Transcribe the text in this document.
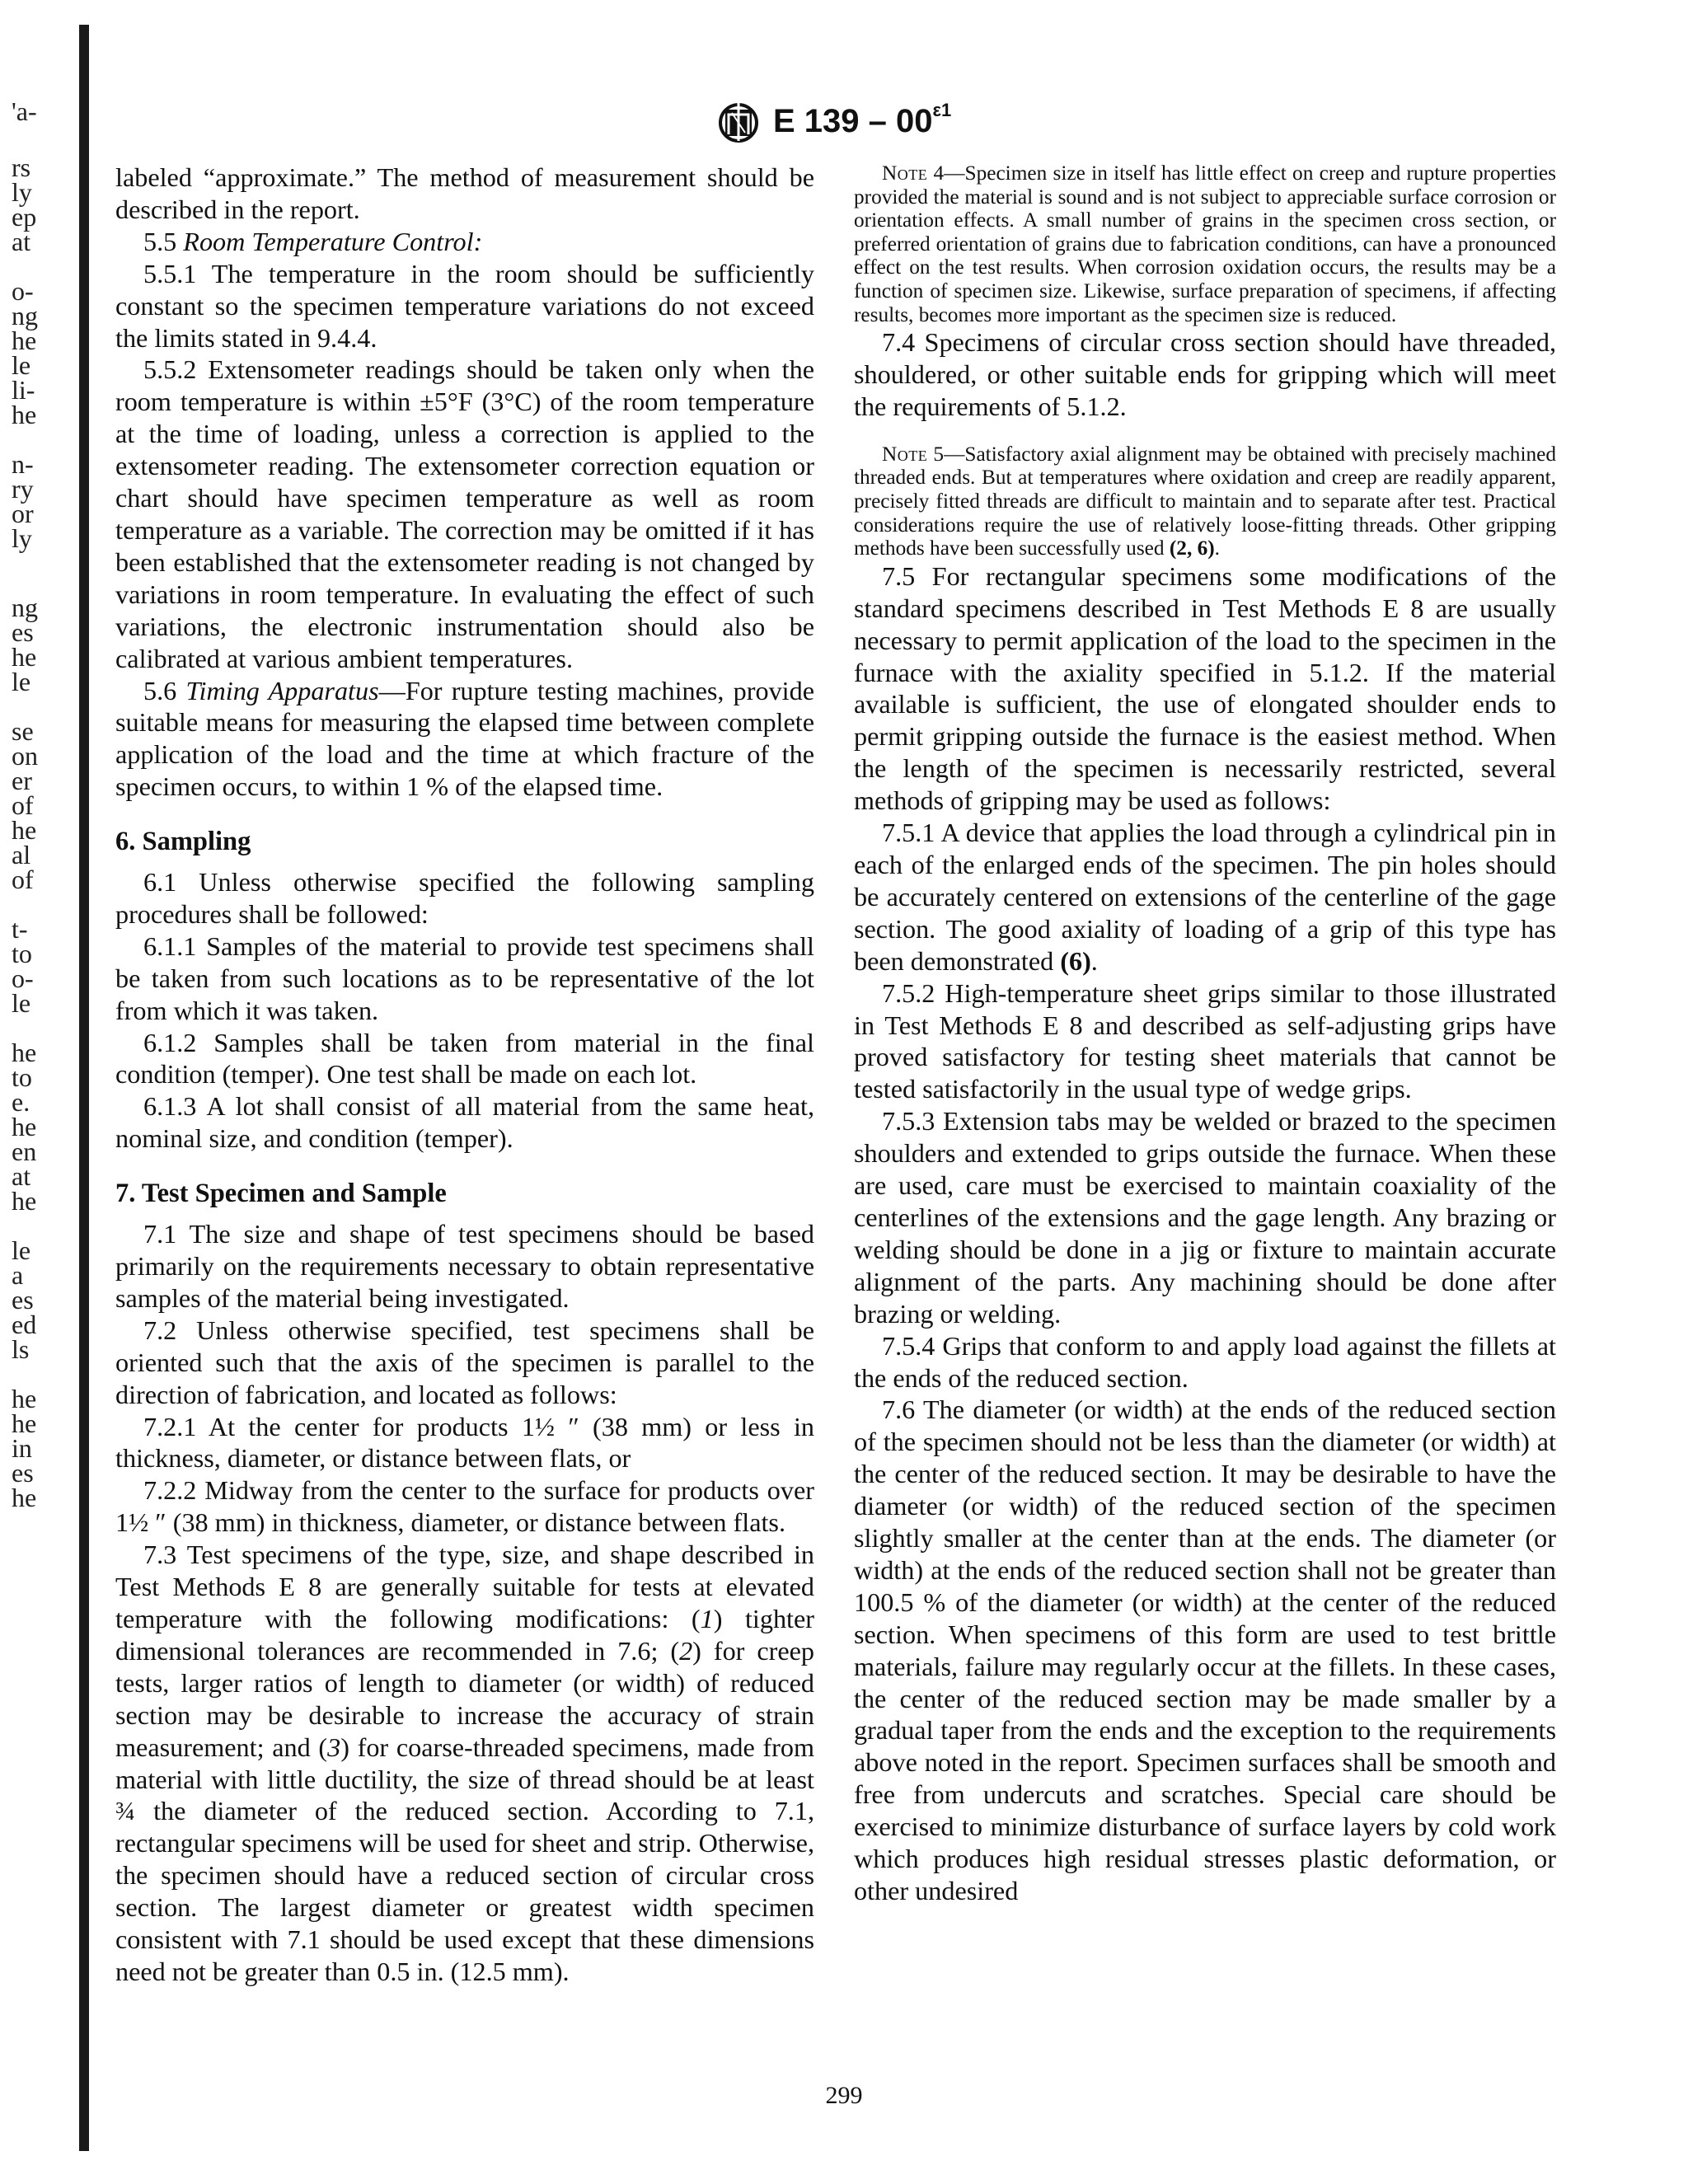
'a-
rs
ly
ep
at
o-
ng
he
le
li-
he
n-
ry
or
ly
ng
es
he
le
se
on
er
of
he
al
of
t-
to
o-
le
he
to
e.
he
en
at
he
le
a
es
ed
ls
he
he
in
es
he
E $139 - 00^{\varepsilon 1}$

labeled “approximate.” The method of measurement should be described in the report.

5.5 Room Temperature Control:

5.5.1 The temperature in the room should be sufficiently constant so the specimen temperature variations do not exceed the limits stated in 9.4.4.

5.5.2 Extensometer readings should be taken only when the room temperature is within ±5°F (3°C) of the room temperature at the time of loading, unless a correction is applied to the extensometer reading. The extensometer correction equation or chart should have specimen temperature as well as room temperature as a variable. The correction may be omitted if it has been established that the extensometer reading is not changed by variations in room temperature. In evaluating the effect of such variations, the electronic instrumentation should also be calibrated at various ambient temperatures.

5.6 Timing Apparatus—For rupture testing machines, provide suitable means for measuring the elapsed time between complete application of the load and the time at which fracture of the specimen occurs, to within 1 % of the elapsed time.

6. Sampling

6.1 Unless otherwise specified the following sampling procedures shall be followed:

6.1.1 Samples of the material to provide test specimens shall be taken from such locations as to be representative of the lot from which it was taken.

6.1.2 Samples shall be taken from material in the final condition (temper). One test shall be made on each lot.

6.1.3 A lot shall consist of all material from the same heat, nominal size, and condition (temper).

7. Test Specimen and Sample

7.1 The size and shape of test specimens should be based primarily on the requirements necessary to obtain representative samples of the material being investigated.

7.2 Unless otherwise specified, test specimens shall be oriented such that the axis of the specimen is parallel to the direction of fabrication, and located as follows:

7.2.1 At the center for products 1½ ″ (38 mm) or less in thickness, diameter, or distance between flats, or

7.2.2 Midway from the center to the surface for products over 1½ ″ (38 mm) in thickness, diameter, or distance between flats.

7.3 Test specimens of the type, size, and shape described in Test Methods E 8 are generally suitable for tests at elevated temperature with the following modifications: (1) tighter dimensional tolerances are recommended in 7.6; (2) for creep tests, larger ratios of length to diameter (or width) of reduced section may be desirable to increase the accuracy of strain measurement; and (3) for coarse-threaded specimens, made from material with little ductility, the size of thread should be at least ¾ the diameter of the reduced section. According to 7.1, rectangular specimens will be used for sheet and strip. Otherwise, the specimen should have a reduced section of circular cross section. The largest diameter or greatest width specimen consistent with 7.1 should be used except that these dimensions need not be greater than 0.5 in. (12.5 mm).

Note 4—Specimen size in itself has little effect on creep and rupture properties provided the material is sound and is not subject to appreciable surface corrosion or orientation effects. A small number of grains in the specimen cross section, or preferred orientation of grains due to fabrication conditions, can have a pronounced effect on the test results. When corrosion oxidation occurs, the results may be a function of specimen size. Likewise, surface preparation of specimens, if affecting results, becomes more important as the specimen size is reduced.

7.4 Specimens of circular cross section should have threaded, shouldered, or other suitable ends for gripping which will meet the requirements of 5.1.2.

Note 5—Satisfactory axial alignment may be obtained with precisely machined threaded ends. But at temperatures where oxidation and creep are readily apparent, precisely fitted threads are difficult to maintain and to separate after test. Practical considerations require the use of relatively loose-fitting threads. Other gripping methods have been successfully used (2, 6).

7.5 For rectangular specimens some modifications of the standard specimens described in Test Methods E 8 are usually necessary to permit application of the load to the specimen in the furnace with the axiality specified in 5.1.2. If the material available is sufficient, the use of elongated shoulder ends to permit gripping outside the furnace is the easiest method. When the length of the specimen is necessarily restricted, several methods of gripping may be used as follows:

7.5.1 A device that applies the load through a cylindrical pin in each of the enlarged ends of the specimen. The pin holes should be accurately centered on extensions of the centerline of the gage section. The good axiality of loading of a grip of this type has been demonstrated (6).

7.5.2 High-temperature sheet grips similar to those illustrated in Test Methods E 8 and described as self-adjusting grips have proved satisfactory for testing sheet materials that cannot be tested satisfactorily in the usual type of wedge grips.

7.5.3 Extension tabs may be welded or brazed to the specimen shoulders and extended to grips outside the furnace. When these are used, care must be exercised to maintain coaxiality of the centerlines of the extensions and the gage length. Any brazing or welding should be done in a jig or fixture to maintain accurate alignment of the parts. Any machining should be done after brazing or welding.

7.5.4 Grips that conform to and apply load against the fillets at the ends of the reduced section.

7.6 The diameter (or width) at the ends of the reduced section of the specimen should not be less than the diameter (or width) at the center of the reduced section. It may be desirable to have the diameter (or width) of the reduced section of the specimen slightly smaller at the center than at the ends. The diameter (or width) at the ends of the reduced section shall not be greater than 100.5 % of the diameter (or width) at the center of the reduced section. When specimens of this form are used to test brittle materials, failure may regularly occur at the fillets. In these cases, the center of the reduced section may be made smaller by a gradual taper from the ends and the exception to the requirements above noted in the report. Specimen surfaces shall be smooth and free from undercuts and scratches. Special care should be exercised to minimize disturbance of surface layers by cold work which produces high residual stresses plastic deformation, or other undesired

299
